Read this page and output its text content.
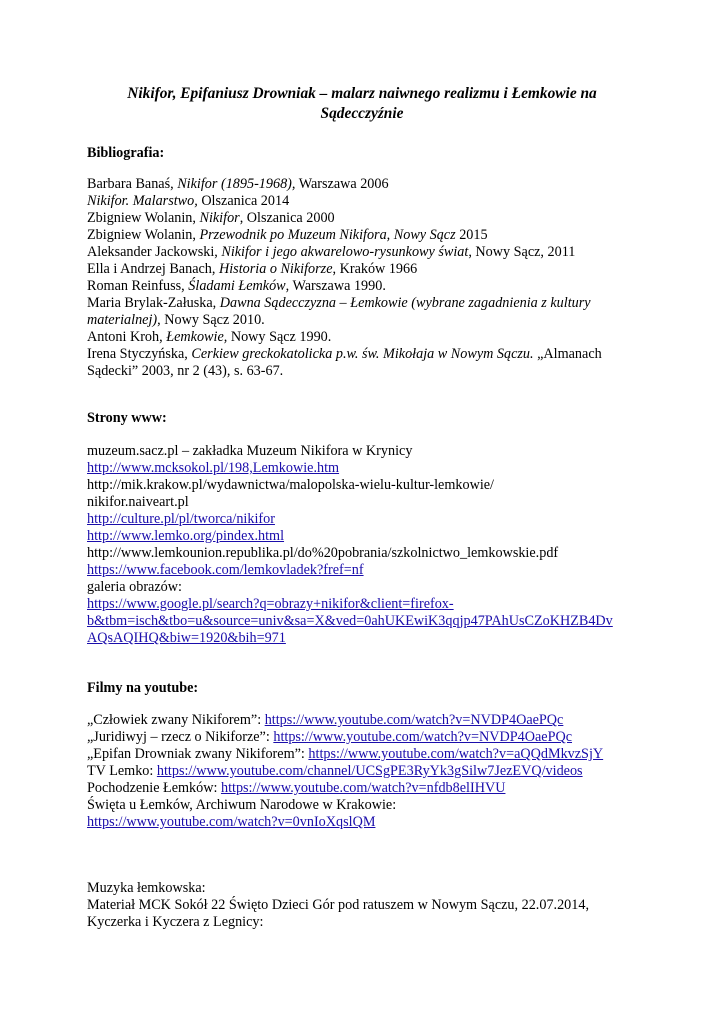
Nikifor, Epifaniusz Drowniak – malarz naiwnego realizmu i Łemkowie na
Sądecczyźnie
Bibliografia:
Barbara Banaś, Nikifor (1895-1968), Warszawa 2006
Nikifor. Malarstwo, Olszanica 2014
Zbigniew Wolanin, Nikifor, Olszanica 2000
Zbigniew Wolanin, Przewodnik po Muzeum Nikifora, Nowy Sącz 2015
Aleksander Jackowski, Nikifor i jego akwarelowo-rysunkowy świat, Nowy Sącz, 2011
Ella i Andrzej Banach, Historia o Nikiforze, Kraków 1966
Roman Reinfuss, Śladami Łemków, Warszawa 1990.
Maria Brylak-Załuska, Dawna Sądecczyzna – Łemkowie (wybrane zagadnienia z kultury
materialnej), Nowy Sącz 2010.
Antoni Kroh, Łemkowie, Nowy Sącz 1990.
Irena Styczyńska, Cerkiew greckokatolicka p.w. św. Mikołaja w Nowym Sączu. „Almanach
Sądecki” 2003, nr 2 (43), s. 63-67.
Strony www:
muzeum.sacz.pl – zakładka Muzeum Nikifora w Krynicy
http://www.mcksokol.pl/198,Lemkowie.htm
http://mik.krakow.pl/wydawnictwa/malopolska-wielu-kultur-lemkowie/
nikifor.naiveart.pl
http://culture.pl/pl/tworca/nikifor
http://www.lemko.org/pindex.html
http://www.lemkounion.republika.pl/do%20pobrania/szkolnictwo_lemkowskie.pdf
https://www.facebook.com/lemkovladek?fref=nf
galeria obrazów:
https://www.google.pl/search?q=obrazy+nikifor&client=firefox-
b&tbm=isch&tbo=u&source=univ&sa=X&ved=0ahUKEwiK3qqjp47PAhUsCZoKHZB4Dv
AQsAQIHQ&biw=1920&bih=971
Filmy na youtube:
„Człowiek zwany Nikiforem”: https://www.youtube.com/watch?v=NVDP4OaePQc
„Juridiwyj – rzecz o Nikiforze”: https://www.youtube.com/watch?v=NVDP4OaePQc
„Epifan Drowniak zwany Nikiforem”: https://www.youtube.com/watch?v=aQQdMkvzSjY
TV Lemko: https://www.youtube.com/channel/UCSgPE3RyYk3gSilw7JezEVQ/videos
Pochodzenie Łemków: https://www.youtube.com/watch?v=nfdb8elIHVU
Święta u Łemków, Archiwum Narodowe w Krakowie:
https://www.youtube.com/watch?v=0vnIoXqslQM
Muzyka łemkowska:
Materiał MCK Sokół 22 Święto Dzieci Gór pod ratuszem w Nowym Sączu, 22.07.2014,
Kyczerka i Kyczera z Legnicy:
